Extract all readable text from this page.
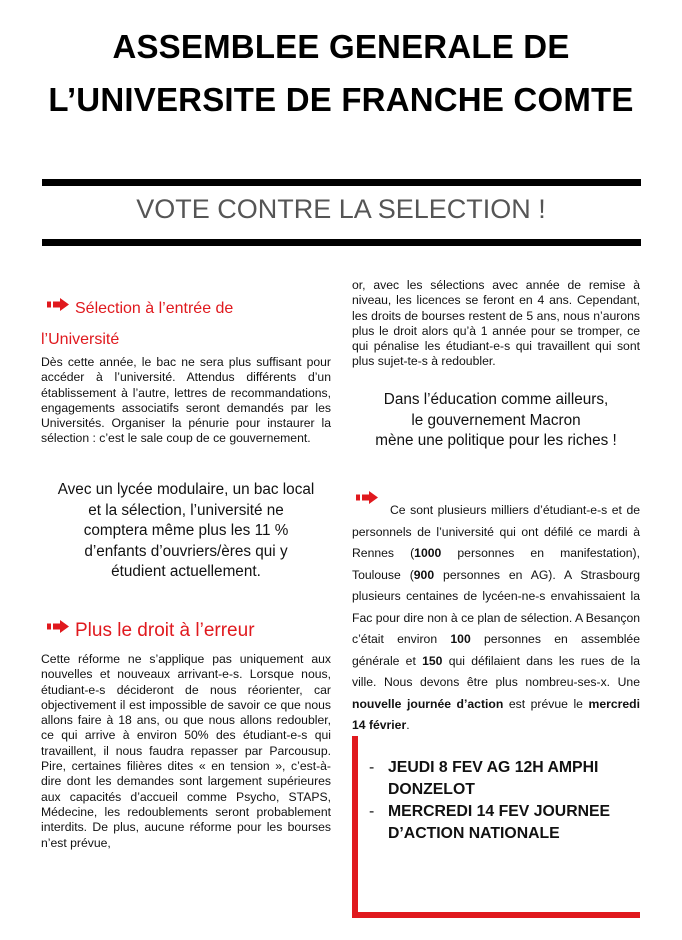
ASSEMBLEE GENERALE DE
L’UNIVERSITE DE FRANCHE COMTE
VOTE CONTRE LA SELECTION !
Sélection à l’entrée de
l’Université
Dès cette année, le bac ne sera plus suffisant pour accéder à l’université. Attendus différents d’un établissement à l’autre, lettres de recommandations, engagements associatifs seront demandés par les Universités. Organiser la pénurie pour instaurer la sélection : c’est le sale coup de ce gouvernement.
Avec un lycée modulaire, un bac local
et la sélection, l’université ne
comptera même plus les 11 %
d’enfants d’ouvriers/ères qui y
étudient actuellement.
Plus le droit à l’erreur
Cette réforme ne s’applique pas uniquement aux nouvelles et nouveaux arrivant-e-s. Lorsque nous, étudiant-e-s décideront de nous réorienter, car objectivement il est impossible de savoir ce que nous allons faire à 18 ans, ou que nous allons redoubler, ce qui arrive à environ 50% des étudiant-e-s qui travaillent, il nous faudra repasser par Parcousup. Pire, certaines filières dites « en tension », c’est-à-dire dont les demandes sont largement supérieures aux capacités d’accueil comme Psycho, STAPS, Médecine, les redoublements seront probablement interdits. De plus, aucune réforme pour les bourses n’est prévue,
or, avec les sélections avec année de remise à niveau, les licences se feront en 4 ans. Cependant, les droits de bourses restent de 5 ans, nous n’aurons plus le droit alors qu’à 1 année pour se tromper, ce qui pénalise les étudiant-e-s qui travaillent qui sont plus sujet-te-s à redoubler.
Dans l’éducation comme ailleurs,
le gouvernement Macron
mène une politique pour les riches !
Ce sont plusieurs milliers d’étudiant-e-s et de personnels de l’université qui ont défilé ce mardi à Rennes (1000 personnes en manifestation), Toulouse (900 personnes en AG). A Strasbourg plusieurs centaines de lycéen-ne-s envahissaient la Fac pour dire non à ce plan de sélection. A Besançon c’était environ 100 personnes en assemblée générale et 150 qui défilaient dans les rues de la ville. Nous devons être plus nombreu-ses-x. Une nouvelle journée d’action est prévue le mercredi 14 février.
- JEUDI 8 FEV AG 12H AMPHI DONZELOT
- MERCREDI 14 FEV JOURNEE D’ACTION NATIONALE
